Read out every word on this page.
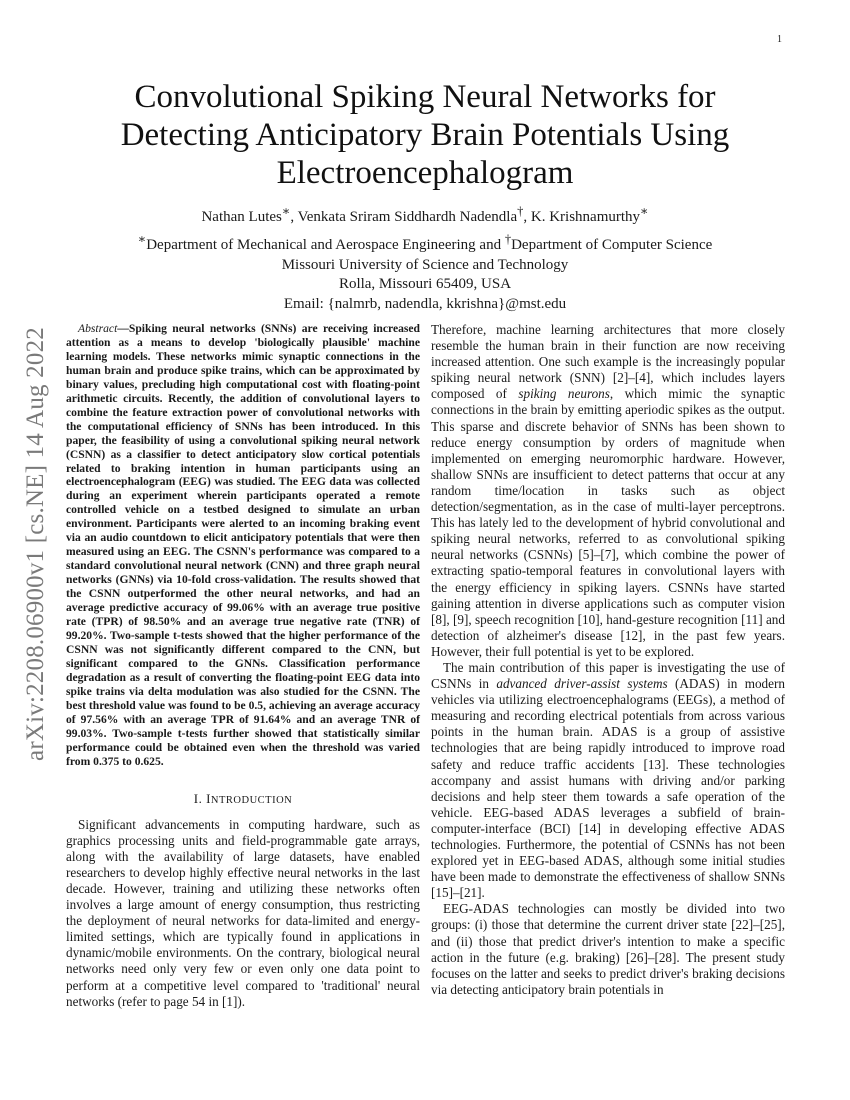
1
arXiv:2208.06900v1 [cs.NE] 14 Aug 2022
Convolutional Spiking Neural Networks for
Detecting Anticipatory Brain Potentials Using
Electroencephalogram
Nathan Lutes∗, Venkata Sriram Siddhardh Nadendla†, K. Krishnamurthy∗
∗Department of Mechanical and Aerospace Engineering and †Department of Computer Science
Missouri University of Science and Technology
Rolla, Missouri 65409, USA
Email: {nalmrb, nadendla, kkrishna}@mst.edu

Abstract—Spiking neural networks (SNNs) are receiving increased attention as a means to develop 'biologically plausible' machine learning models. These networks mimic synaptic connections in the human brain and produce spike trains, which can be approximated by binary values, precluding high computational cost with floating-point arithmetic circuits. Recently, the addition of convolutional layers to combine the feature extraction power of convolutional networks with the computational efficiency of SNNs has been introduced. In this paper, the feasibility of using a convolutional spiking neural network (CSNN) as a classifier to detect anticipatory slow cortical potentials related to braking intention in human participants using an electroencephalogram (EEG) was studied. The EEG data was collected during an experiment wherein participants operated a remote controlled vehicle on a testbed designed to simulate an urban environment. Participants were alerted to an incoming braking event via an audio countdown to elicit anticipatory potentials that were then measured using an EEG. The CSNN's performance was compared to a standard convolutional neural network (CNN) and three graph neural networks (GNNs) via 10-fold cross-validation. The results showed that the CSNN outperformed the other neural networks, and had an average predictive accuracy of 99.06% with an average true positive rate (TPR) of 98.50% and an average true negative rate (TNR) of 99.20%. Two-sample t-tests showed that the higher performance of the CSNN was not significantly different compared to the CNN, but significant compared to the GNNs. Classification performance degradation as a result of converting the floating-point EEG data into spike trains via delta modulation was also studied for the CSNN. The best threshold value was found to be 0.5, achieving an average accuracy of 97.56% with an average TPR of 91.64% and an average TNR of 99.03%. Two-sample t-tests further showed that statistically similar performance could be obtained even when the threshold was varied from 0.375 to 0.625.

I. INTRODUCTION

Significant advancements in computing hardware, such as graphics processing units and field-programmable gate arrays, along with the availability of large datasets, have enabled researchers to develop highly effective neural networks in the last decade. However, training and utilizing these networks often involves a large amount of energy consumption, thus restricting the deployment of neural networks for data-limited and energy-limited settings, which are typically found in applications in dynamic/mobile environments. On the contrary, biological neural networks need only very few or even only one data point to perform at a competitive level compared to 'traditional' neural networks (refer to page 54 in [1]).

Therefore, machine learning architectures that more closely resemble the human brain in their function are now receiving increased attention. One such example is the increasingly popular spiking neural network (SNN) [2]–[4], which includes layers composed of spiking neurons, which mimic the synaptic connections in the brain by emitting aperiodic spikes as the output. This sparse and discrete behavior of SNNs has been shown to reduce energy consumption by orders of magnitude when implemented on emerging neuromorphic hardware. However, shallow SNNs are insufficient to detect patterns that occur at any random time/location in tasks such as object detection/segmentation, as in the case of multi-layer perceptrons. This has lately led to the development of hybrid convolutional and spiking neural networks, referred to as convolutional spiking neural networks (CSNNs) [5]–[7], which combine the power of extracting spatio-temporal features in convolutional layers with the energy efficiency in spiking layers. CSNNs have started gaining attention in diverse applications such as computer vision [8], [9], speech recognition [10], hand-gesture recognition [11] and detection of alzheimer's disease [12], in the past few years. However, their full potential is yet to be explored.

The main contribution of this paper is investigating the use of CSNNs in advanced driver-assist systems (ADAS) in modern vehicles via utilizing electroencephalograms (EEGs), a method of measuring and recording electrical potentials from across various points in the human brain. ADAS is a group of assistive technologies that are being rapidly introduced to improve road safety and reduce traffic accidents [13]. These technologies accompany and assist humans with driving and/or parking decisions and help steer them towards a safe operation of the vehicle. EEG-based ADAS leverages a subfield of brain-computer-interface (BCI) [14] in developing effective ADAS technologies. Furthermore, the potential of CSNNs has not been explored yet in EEG-based ADAS, although some initial studies have been made to demonstrate the effectiveness of shallow SNNs [15]–[21].

EEG-ADAS technologies can mostly be divided into two groups: (i) those that determine the current driver state [22]–[25], and (ii) those that predict driver's intention to make a specific action in the future (e.g. braking) [26]–[28]. The present study focuses on the latter and seeks to predict driver's braking decisions via detecting anticipatory brain potentials in
